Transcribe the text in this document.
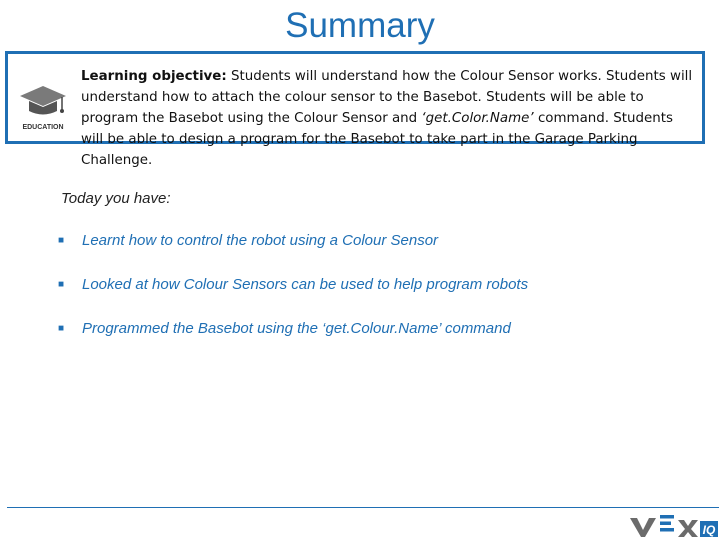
Summary
EDUCATION
Learning objective: Students will understand how the Colour Sensor works. Students will understand how to attach the colour sensor to the Basebot. Students will be able to program the Basebot using the Colour Sensor and ‘get.Color.Name’ command. Students will be able to design a program for the Basebot to take part in the Garage Parking Challenge.
Today you have:
■ Learnt how to control the robot using a Colour Sensor
■ Looked at how Colour Sensors can be used to help program robots
■ Programmed the Basebot using the ‘get.Colour.Name’ command
IQ
